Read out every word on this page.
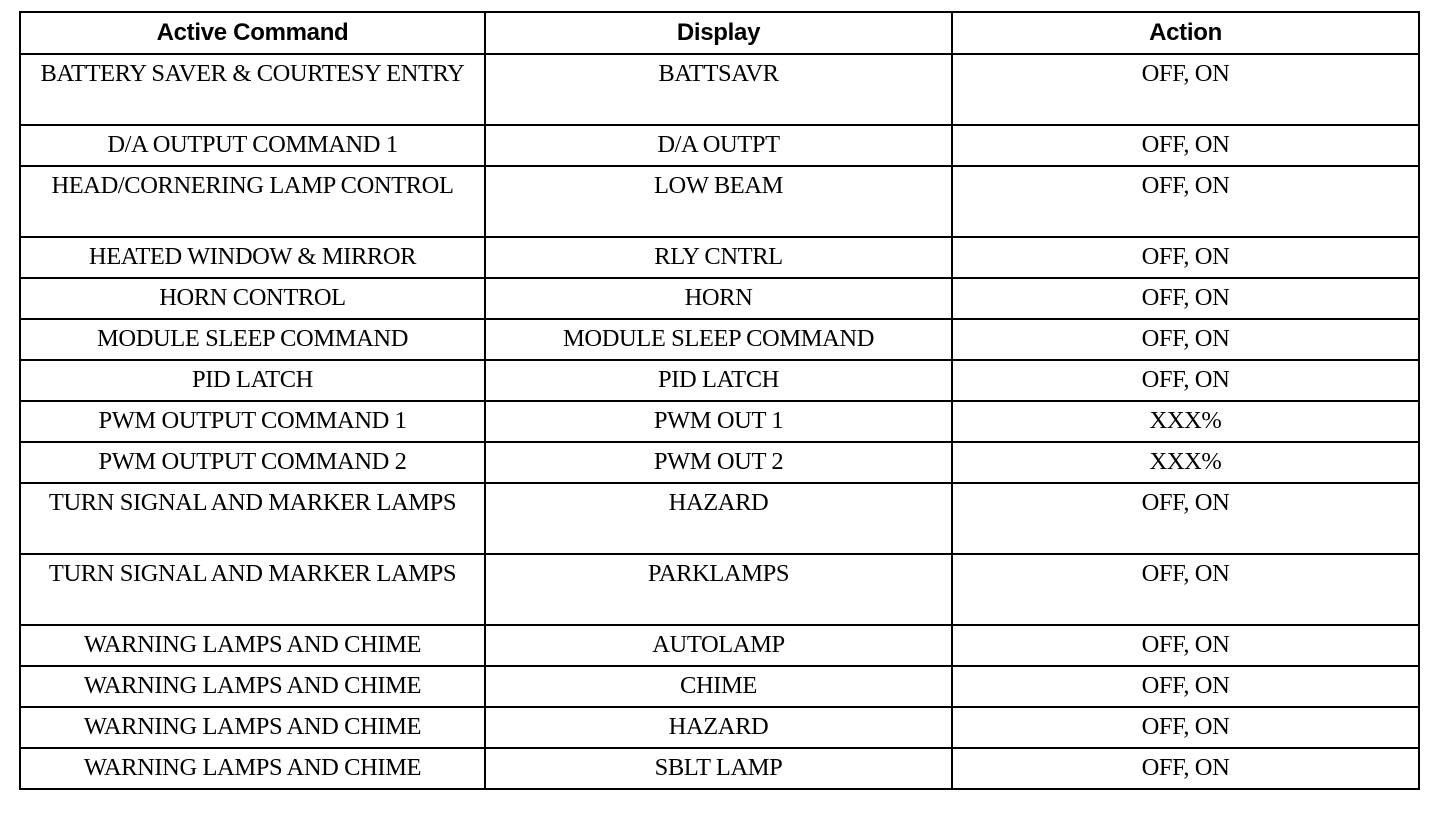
Active Command	Display	Action
BATTERY SAVER & COURTESY ENTRY	BATTSAVR	OFF, ON
D/A OUTPUT COMMAND 1	D/A OUTPT	OFF, ON
HEAD/CORNERING LAMP CONTROL	LOW BEAM	OFF, ON
HEATED WINDOW & MIRROR	RLY CNTRL	OFF, ON
HORN CONTROL	HORN	OFF, ON
MODULE SLEEP COMMAND	MODULE SLEEP COMMAND	OFF, ON
PID LATCH	PID LATCH	OFF, ON
PWM OUTPUT COMMAND 1	PWM OUT 1	XXX%
PWM OUTPUT COMMAND 2	PWM OUT 2	XXX%
TURN SIGNAL AND MARKER LAMPS	HAZARD	OFF, ON
TURN SIGNAL AND MARKER LAMPS	PARKLAMPS	OFF, ON
WARNING LAMPS AND CHIME	AUTOLAMP	OFF, ON
WARNING LAMPS AND CHIME	CHIME	OFF, ON
WARNING LAMPS AND CHIME	HAZARD	OFF, ON
WARNING LAMPS AND CHIME	SBLT LAMP	OFF, ON
